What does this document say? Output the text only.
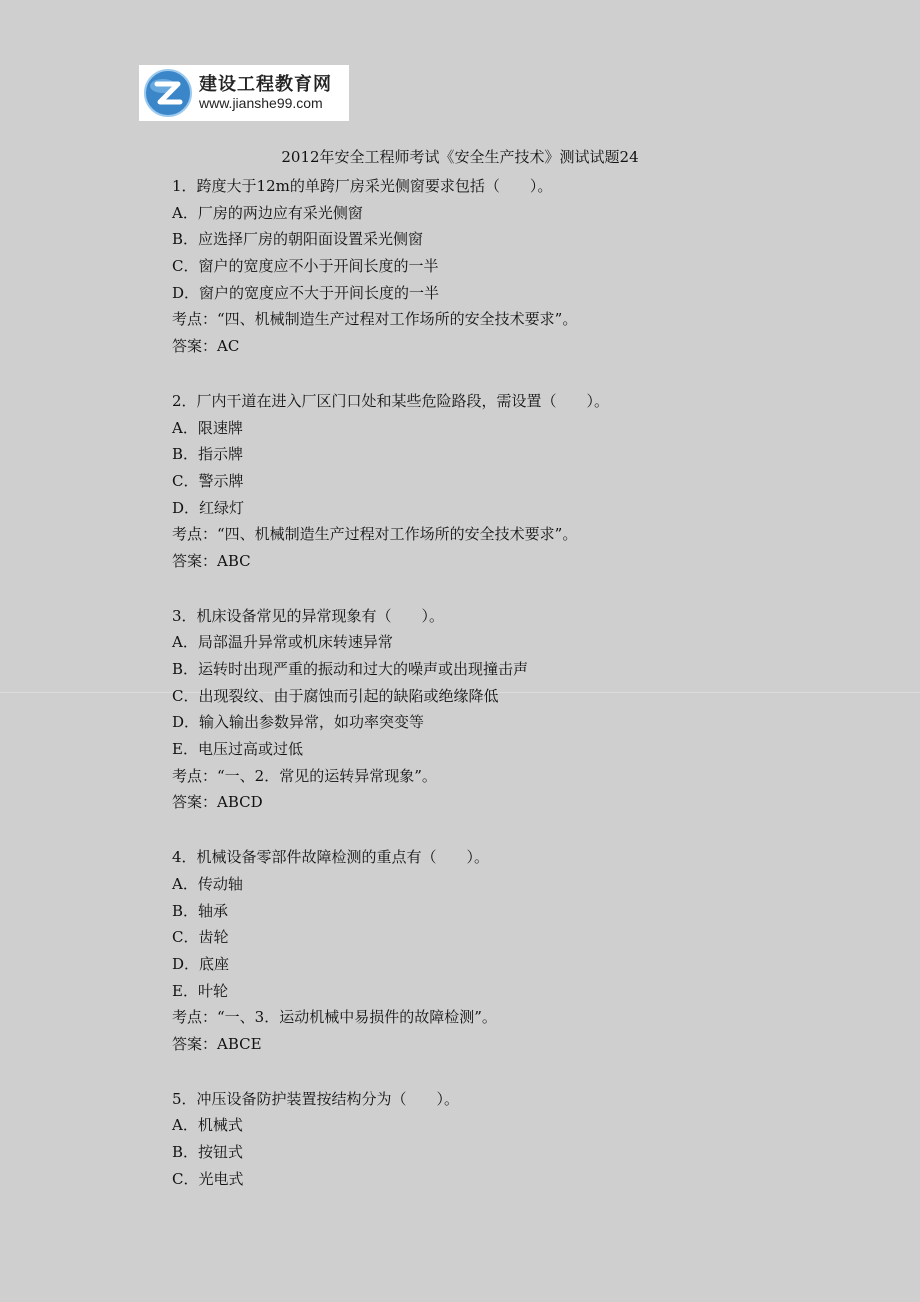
建设工程教育网
www.jianshe99.com
2012年安全工程师考试《安全生产技术》测试试题24
1．跨度大于12m的单跨厂房采光侧窗要求包括（　　）。
A．厂房的两边应有采光侧窗
B．应选择厂房的朝阳面设置采光侧窗
C．窗户的宽度应不小于开间长度的一半
D．窗户的宽度应不大于开间长度的一半
考点：“四、机械制造生产过程对工作场所的安全技术要求”。
答案：AC
2．厂内干道在进入厂区门口处和某些危险路段，需设置（　　）。
A．限速牌
B．指示牌
C．警示牌
D．红绿灯
考点：“四、机械制造生产过程对工作场所的安全技术要求”。
答案：ABC
3．机床设备常见的异常现象有（　　）。
A．局部温升异常或机床转速异常
B．运转时出现严重的振动和过大的噪声或出现撞击声
C．出现裂纹、由于腐蚀而引起的缺陷或绝缘降低
D．输入输出参数异常，如功率突变等
E．电压过高或过低
考点：“一、2．常见的运转异常现象”。
答案：ABCD
4．机械设备零部件故障检测的重点有（　　）。
A．传动轴
B．轴承
C．齿轮
D．底座
E．叶轮
考点：“一、3．运动机械中易损件的故障检测”。
答案：ABCE
5．冲压设备防护装置按结构分为（　　）。
A．机械式
B．按钮式
C．光电式
